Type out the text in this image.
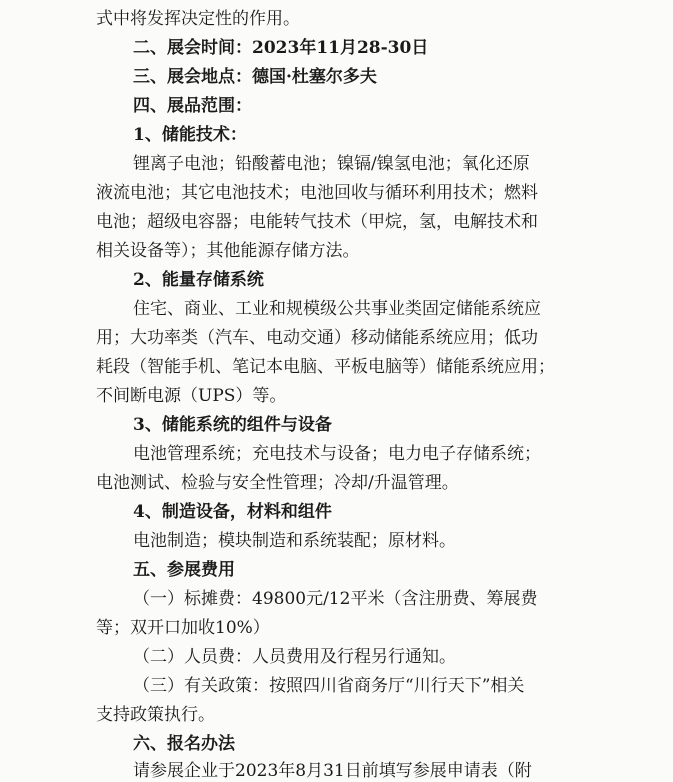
式中将发挥决定性的作用。
二、展会时间：2023年11月28-30日
三、展会地点：德国·杜塞尔多夫
四、展品范围：
1、储能技术：
锂离子电池；铅酸蓄电池；镍镉/镍氢电池；氧化还原
液流电池；其它电池技术；电池回收与循环利用技术；燃料
电池；超级电容器；电能转气技术（甲烷，氢，电解技术和
相关设备等）；其他能源存储方法。
2、能量存储系统
住宅、商业、工业和规模级公共事业类固定储能系统应
用；大功率类（汽车、电动交通）移动储能系统应用；低功
耗段（智能手机、笔记本电脑、平板电脑等）储能系统应用；
不间断电源（UPS）等。
3、储能系统的组件与设备
电池管理系统；充电技术与设备；电力电子存储系统；
电池测试、检验与安全性管理；冷却/升温管理。
4、制造设备，材料和组件
电池制造；模块制造和系统装配；原材料。
五、参展费用
（一）标摊费：49800元/12平米（含注册费、筹展费
等；双开口加收10%）
（二）人员费：人员费用及行程另行通知。
（三）有关政策：按照四川省商务厅“川行天下”相关
支持政策执行。
六、报名办法
请参展企业于2023年8月31日前填写参展申请表（附
